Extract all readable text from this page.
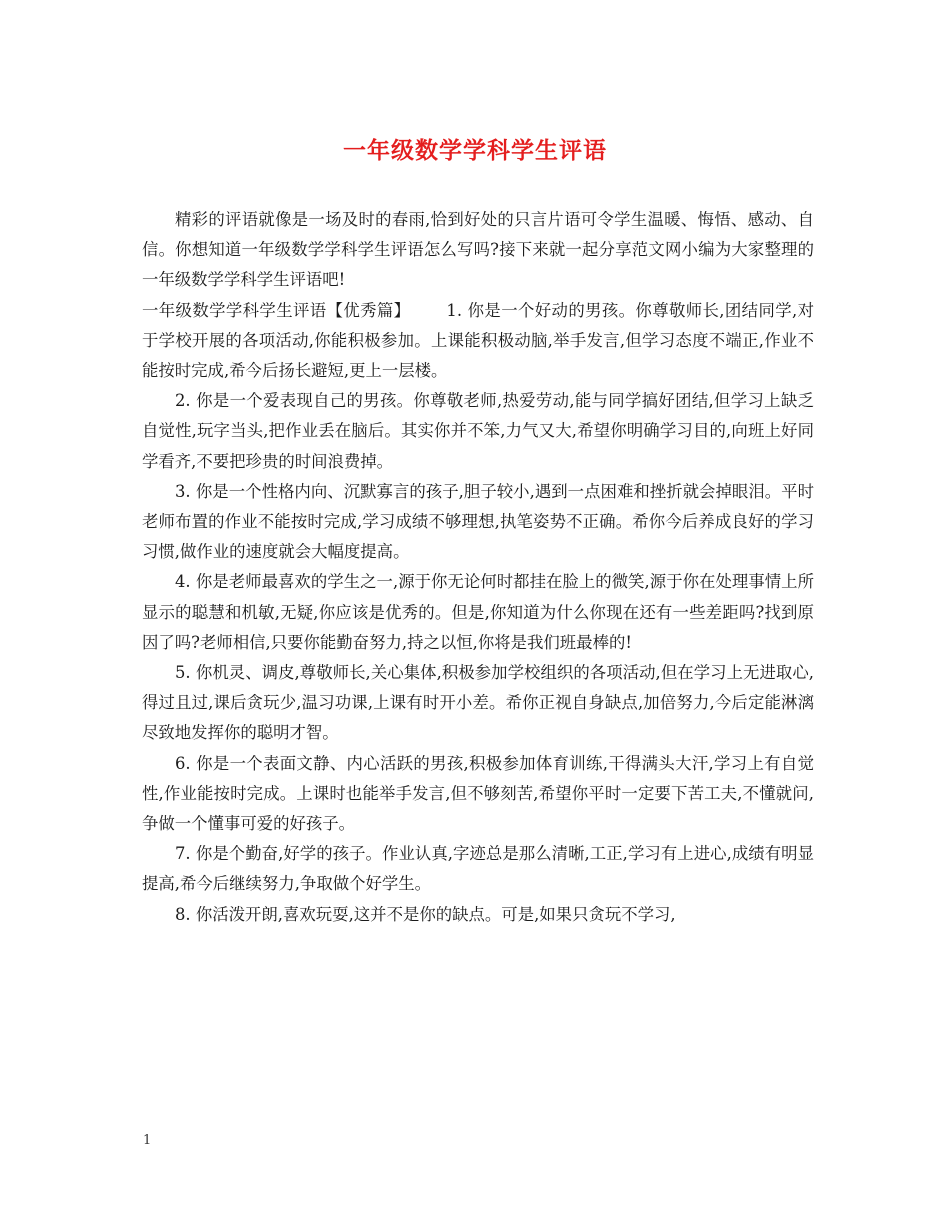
一年级数学学科学生评语

精彩的评语就像是一场及时的春雨,恰到好处的只言片语可令学生温暖、悔悟、感动、自信。你想知道一年级数学学科学生评语怎么写吗?接下来就一起分享范文网小编为大家整理的一年级数学学科学生评语吧!

一年级数学学科学生评语【优秀篇】 1. 你是一个好动的男孩。你尊敬师长,团结同学,对于学校开展的各项活动,你能积极参加。上课能积极动脑,举手发言,但学习态度不端正,作业不能按时完成,希今后扬长避短,更上一层楼。

2. 你是一个爱表现自己的男孩。你尊敬老师,热爱劳动,能与同学搞好团结,但学习上缺乏自觉性,玩字当头,把作业丢在脑后。其实你并不笨,力气又大,希望你明确学习目的,向班上好同学看齐,不要把珍贵的时间浪费掉。

3. 你是一个性格内向、沉默寡言的孩子,胆子较小,遇到一点困难和挫折就会掉眼泪。平时老师布置的作业不能按时完成,学习成绩不够理想,执笔姿势不正确。希你今后养成良好的学习习惯,做作业的速度就会大幅度提高。

4. 你是老师最喜欢的学生之一,源于你无论何时都挂在脸上的微笑,源于你在处理事情上所显示的聪慧和机敏,无疑,你应该是优秀的。但是,你知道为什么你现在还有一些差距吗?找到原因了吗?老师相信,只要你能勤奋努力,持之以恒,你将是我们班最棒的!

5. 你机灵、调皮,尊敬师长,关心集体,积极参加学校组织的各项活动,但在学习上无进取心,得过且过,课后贪玩少,温习功课,上课有时开小差。希你正视自身缺点,加倍努力,今后定能淋漓尽致地发挥你的聪明才智。

6. 你是一个表面文静、内心活跃的男孩,积极参加体育训练,干得满头大汗,学习上有自觉性,作业能按时完成。上课时也能举手发言,但不够刻苦,希望你平时一定要下苦工夫,不懂就问,争做一个懂事可爱的好孩子。

7. 你是个勤奋,好学的孩子。作业认真,字迹总是那么清晰,工正,学习有上进心,成绩有明显提高,希今后继续努力,争取做个好学生。

8. 你活泼开朗,喜欢玩耍,这并不是你的缺点。可是,如果只贪玩不学习,

1
